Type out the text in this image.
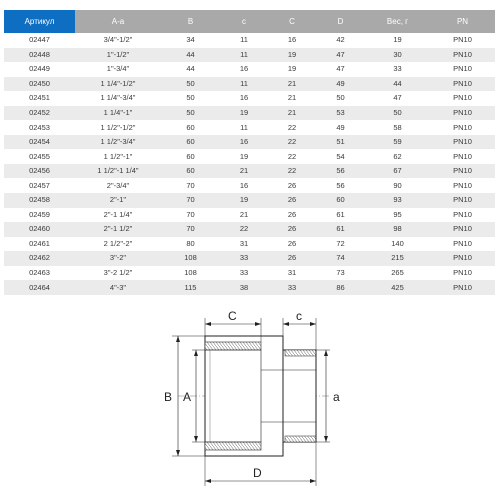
Артикул	A-a	B	c	C	D	Вес, г	PN
02447	3/4"-1/2"	34	11	16	42	19	PN10
02448	1"-1/2"	44	11	19	47	30	PN10
02449	1"-3/4"	44	16	19	47	33	PN10
02450	1 1/4"-1/2"	50	11	21	49	44	PN10
02451	1 1/4"-3/4"	50	16	21	50	47	PN10
02452	1 1/4"-1"	50	19	21	53	50	PN10
02453	1 1/2"-1/2"	60	11	22	49	58	PN10
02454	1 1/2"-3/4"	60	16	22	51	59	PN10
02455	1 1/2"-1"	60	19	22	54	62	PN10
02456	1 1/2"-1 1/4"	60	21	22	56	67	PN10
02457	2"-3/4"	70	16	26	56	90	PN10
02458	2"-1"	70	19	26	60	93	PN10
02459	2"-1 1/4"	70	21	26	61	95	PN10
02460	2"-1 1/2"	70	22	26	61	98	PN10
02461	2 1/2"-2"	80	31	26	72	140	PN10
02462	3"-2"	108	33	26	74	215	PN10
02463	3"-2 1/2"	108	33	31	73	265	PN10
02464	4"-3"	115	38	33	86	425	PN10
C	c
B A	a
D
